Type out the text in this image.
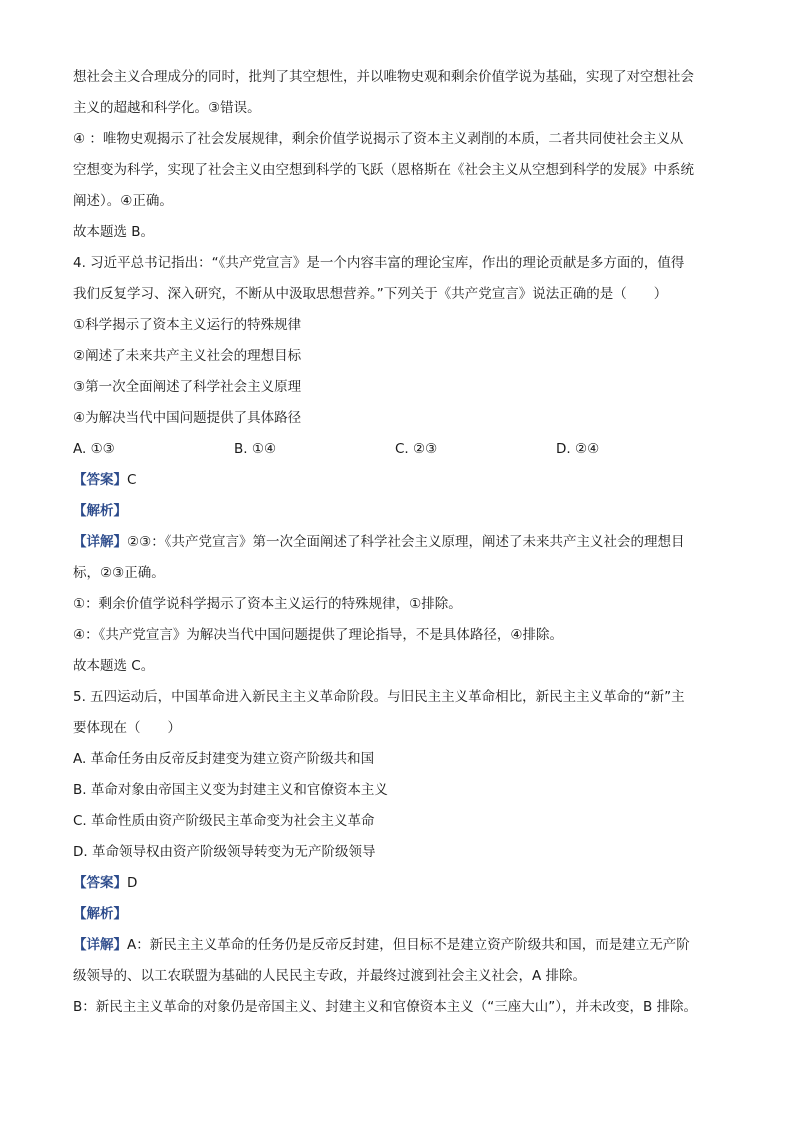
想社会主义合理成分的同时，批判了其空想性，并以唯物史观和剩余价值学说为基础，实现了对空想社会
主义的超越和科学化。③错误。
④ ：唯物史观揭示了社会发展规律，剩余价值学说揭示了资本主义剥削的本质，二者共同使社会主义从
空想变为科学，实现了社会主义由空想到科学的飞跃（恩格斯在《社会主义从空想到科学的发展》中系统
阐述）。④正确。
故本题选 B。
4. 习近平总书记指出：“《共产党宣言》是一个内容丰富的理论宝库，作出的理论贡献是多方面的，值得
我们反复学习、深入研究，不断从中汲取思想营养。”下列关于《共产党宣言》说法正确的是（　　）
①科学揭示了资本主义运行的特殊规律
②阐述了未来共产主义社会的理想目标
③第一次全面阐述了科学社会主义原理
④为解决当代中国问题提供了具体路径
A. ①③	B. ①④	C. ②③	D. ②④
【答案】C
【解析】
【详解】②③：《共产党宣言》第一次全面阐述了科学社会主义原理，阐述了未来共产主义社会的理想目
标，②③正确。
①：剩余价值学说科学揭示了资本主义运行的特殊规律，①排除。
④：《共产党宣言》为解决当代中国问题提供了理论指导，不是具体路径，④排除。
故本题选 C。
5. 五四运动后，中国革命进入新民主主义革命阶段。与旧民主主义革命相比，新民主主义革命的“新”主
要体现在（　　）
A. 革命任务由反帝反封建变为建立资产阶级共和国
B. 革命对象由帝国主义变为封建主义和官僚资本主义
C. 革命性质由资产阶级民主革命变为社会主义革命
D. 革命领导权由资产阶级领导转变为无产阶级领导
【答案】D
【解析】
【详解】A：新民主主义革命的任务仍是反帝反封建，但目标不是建立资产阶级共和国，而是建立无产阶
级领导的、以工农联盟为基础的人民民主专政，并最终过渡到社会主义社会，A 排除。
B：新民主主义革命的对象仍是帝国主义、封建主义和官僚资本主义（“三座大山”），并未改变，B 排除。
